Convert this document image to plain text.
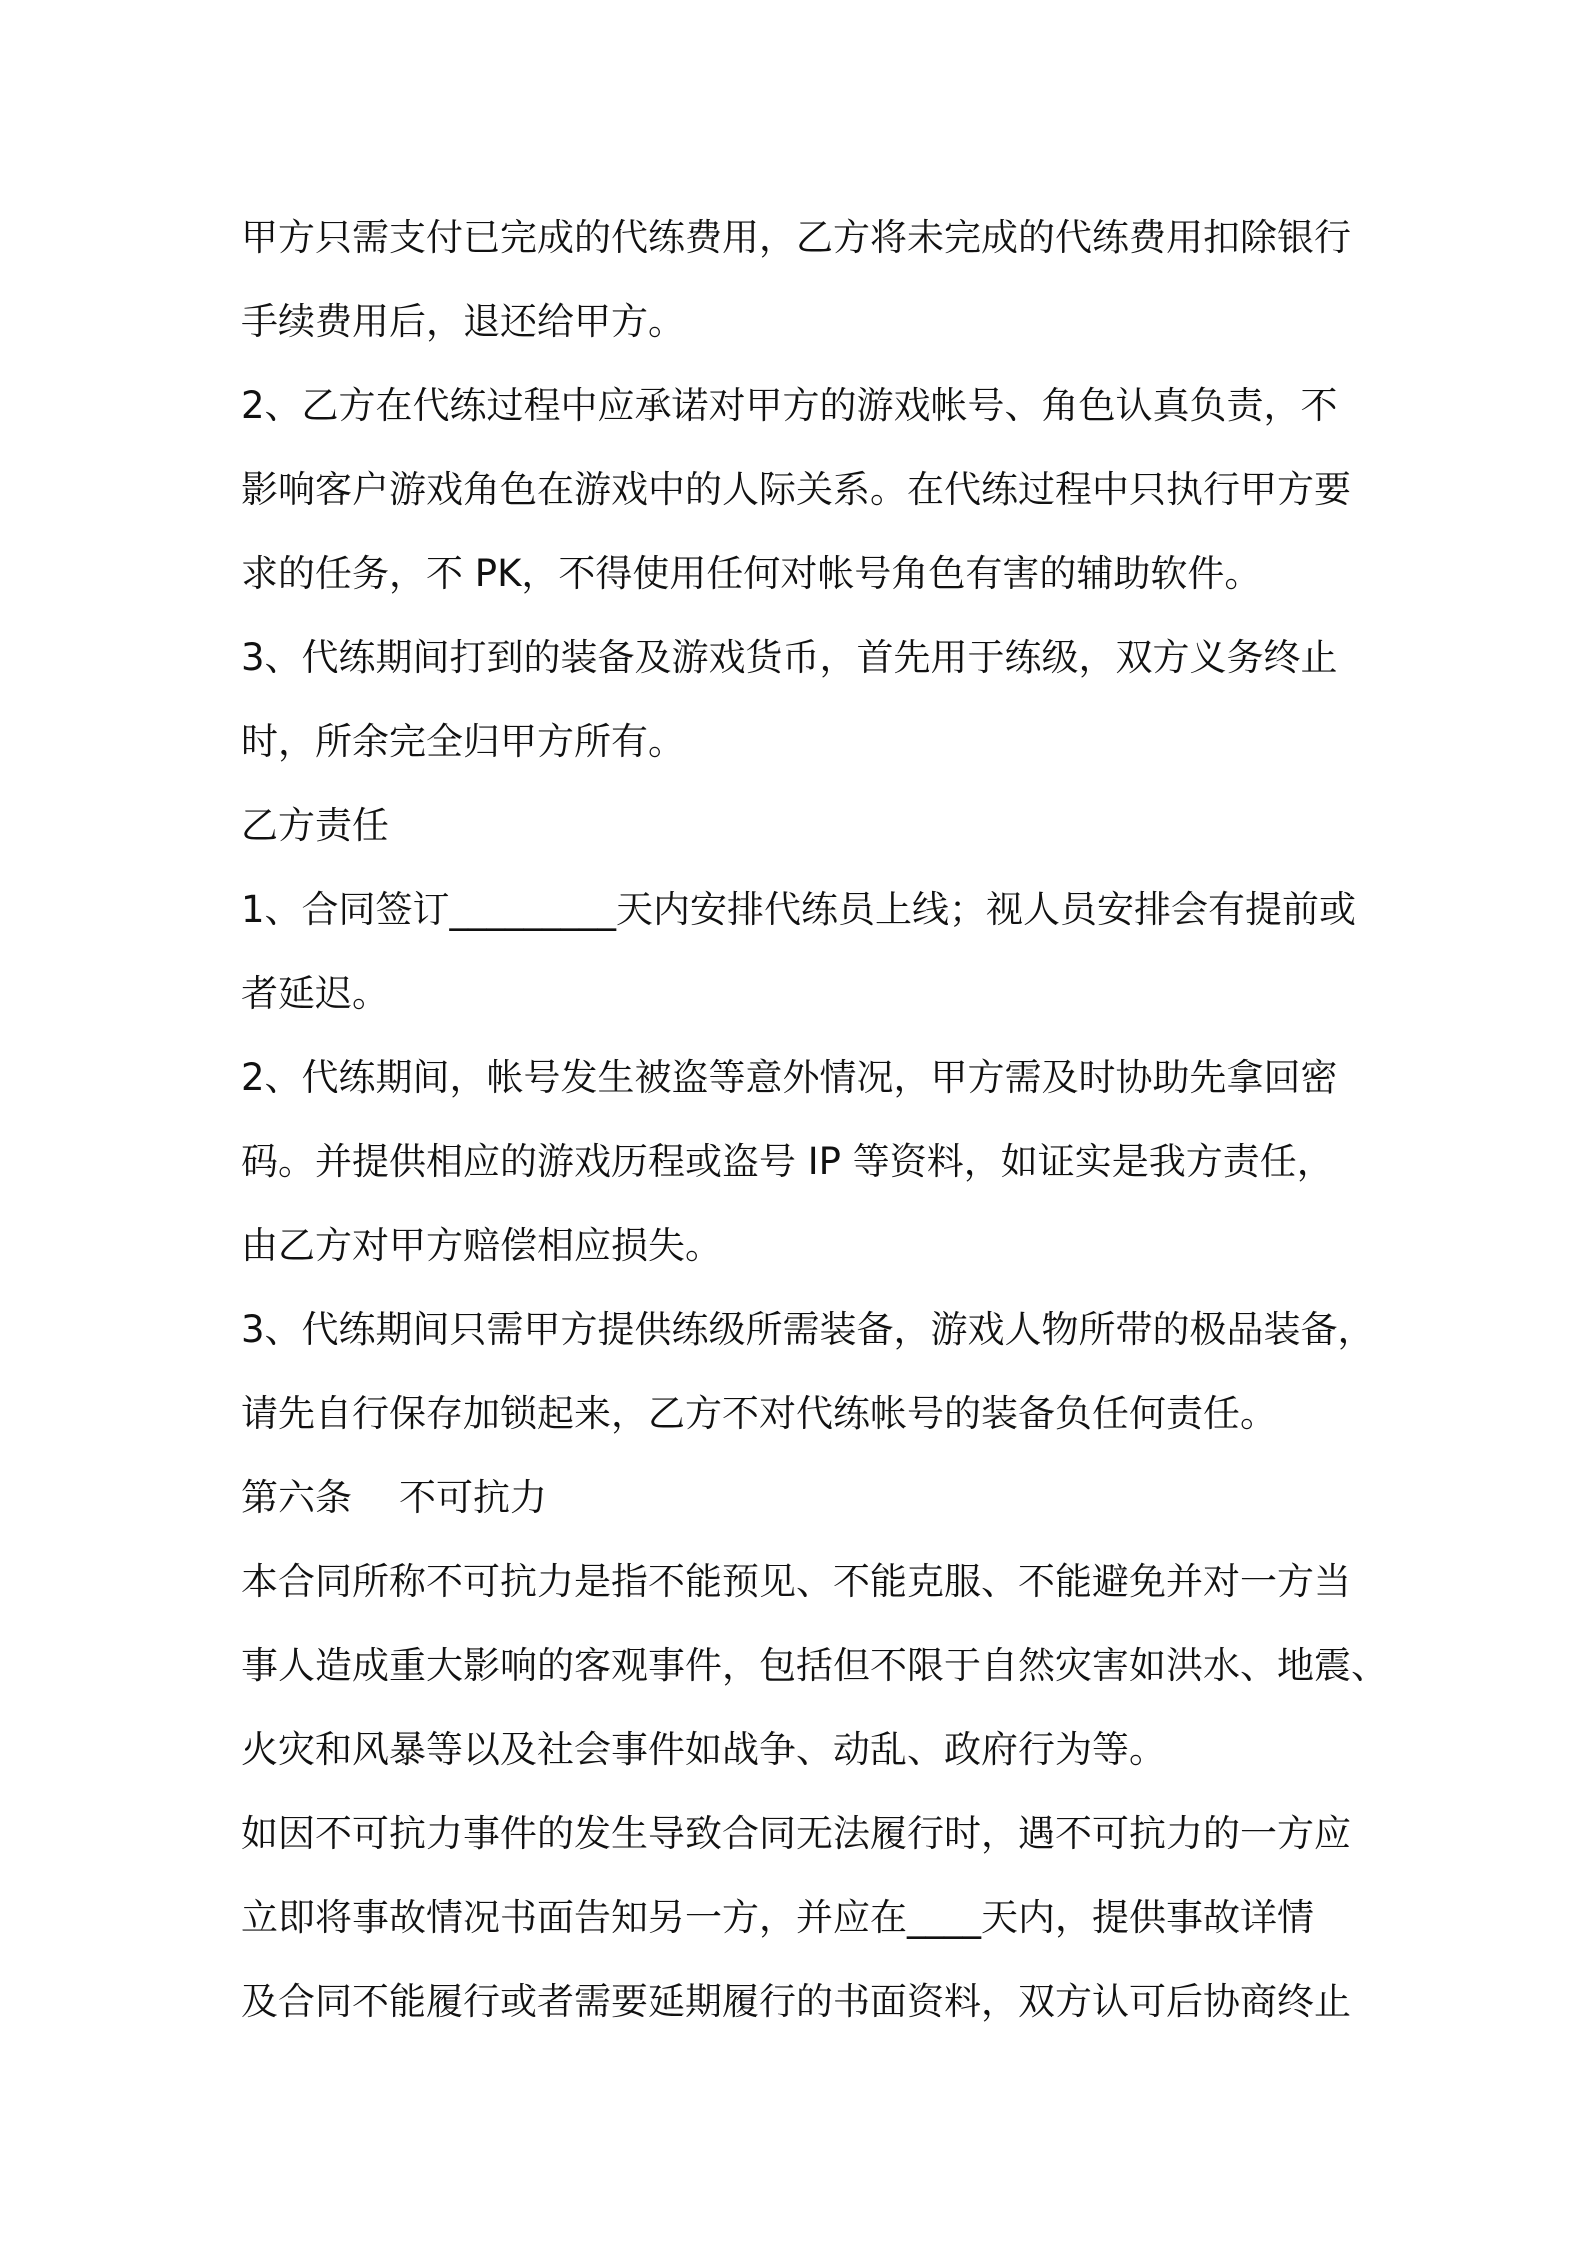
甲方只需支付已完成的代练费用，乙方将未完成的代练费用扣除银行
手续费用后，退还给甲方。
2、乙方在代练过程中应承诺对甲方的游戏帐号、角色认真负责，不
影响客户游戏角色在游戏中的人际关系。在代练过程中只执行甲方要
求的任务，不 PK，不得使用任何对帐号角色有害的辅助软件。
3、代练期间打到的装备及游戏货币，首先用于练级，双方义务终止
时，所余完全归甲方所有。
乙方责任
1、合同签订_________天内安排代练员上线；视人员安排会有提前或
者延迟。
2、代练期间，帐号发生被盗等意外情况，甲方需及时协助先拿回密
码。并提供相应的游戏历程或盗号 IP 等资料，如证实是我方责任，
由乙方对甲方赔偿相应损失。
3、代练期间只需甲方提供练级所需装备，游戏人物所带的极品装备，
请先自行保存加锁起来，乙方不对代练帐号的装备负任何责任。
第六条    不可抗力
本合同所称不可抗力是指不能预见、不能克服、不能避免并对一方当
事人造成重大影响的客观事件，包括但不限于自然灾害如洪水、地震、
火灾和风暴等以及社会事件如战争、动乱、政府行为等。
如因不可抗力事件的发生导致合同无法履行时，遇不可抗力的一方应
立即将事故情况书面告知另一方，并应在____天内，提供事故详情
及合同不能履行或者需要延期履行的书面资料，双方认可后协商终止
